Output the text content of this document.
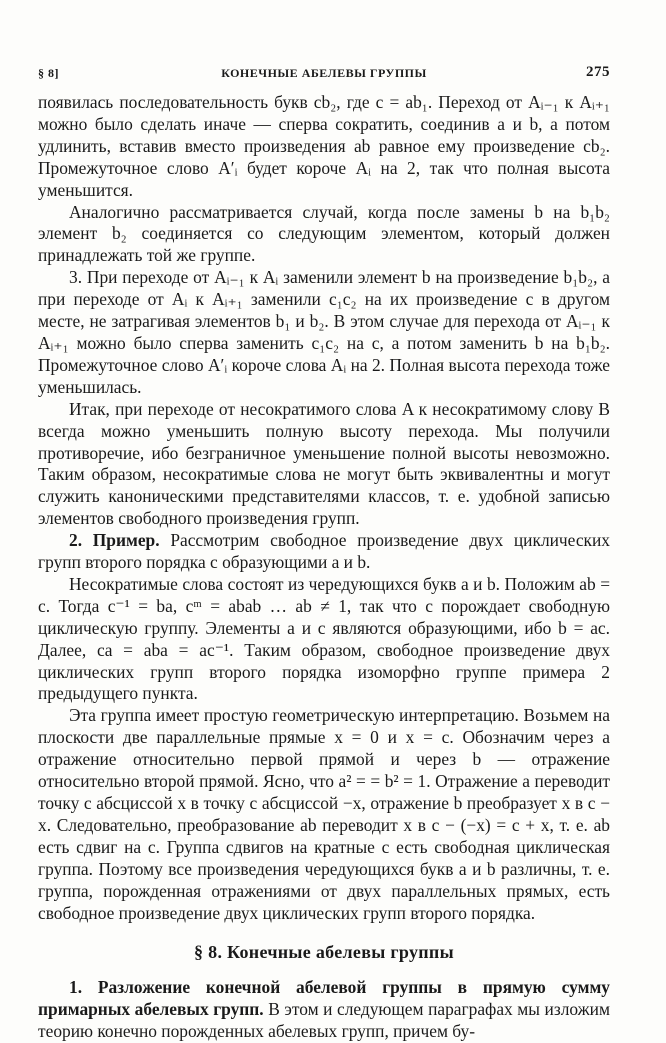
§ 8]	КОНЕЧНЫЕ АБЕЛЕВЫ ГРУППЫ	275

появилась последовательность букв cb₂, где c = ab₁. Переход от Aᵢ₋₁ к Aᵢ₊₁ можно было сделать иначе — сперва сократить, соединив a и b, а потом удлинить, вставив вместо произведения ab равное ему произведение cb₂. Промежуточное слово A′ᵢ будет короче Aᵢ на 2, так что полная высота уменьшится.

Аналогично рассматривается случай, когда после замены b на b₁b₂ элемент b₂ соединяется со следующим элементом, который должен принадлежать той же группе.

3. При переходе от Aᵢ₋₁ к Aᵢ заменили элемент b на произведение b₁b₂, а при переходе от Aᵢ к Aᵢ₊₁ заменили c₁c₂ на их произведение c в другом месте, не затрагивая элементов b₁ и b₂. В этом случае для перехода от Aᵢ₋₁ к Aᵢ₊₁ можно было сперва заменить c₁c₂ на c, а потом заменить b на b₁b₂. Промежуточное слово A′ᵢ короче слова Aᵢ на 2. Полная высота перехода тоже уменьшилась.

Итак, при переходе от несократимого слова A к несократимому слову B всегда можно уменьшить полную высоту перехода. Мы получили противоречие, ибо безграничное уменьшение полной высоты невозможно. Таким образом, несократимые слова не могут быть эквивалентны и могут служить каноническими представителями классов, т. е. удобной записью элементов свободного произведения групп.

2. Пример. Рассмотрим свободное произведение двух циклических групп второго порядка с образующими a и b.

Несократимые слова состоят из чередующихся букв a и b. Положим ab = c. Тогда c⁻¹ = ba, cᵐ = abab … ab ≠ 1, так что c порождает свободную циклическую группу. Элементы a и c являются образующими, ибо b = ac. Далее, ca = aba = ac⁻¹. Таким образом, свободное произведение двух циклических групп второго порядка изоморфно группе примера 2 предыдущего пункта.

Эта группа имеет простую геометрическую интерпретацию. Возьмем на плоскости две параллельные прямые x = 0 и x = c. Обозначим через a отражение относительно первой прямой и через b — отражение относительно второй прямой. Ясно, что a² = = b² = 1. Отражение a переводит точку с абсциссой x в точку с абсциссой −x, отражение b преобразует x в c − x. Следовательно, преобразование ab переводит x в c − (−x) = c + x, т. е. ab есть сдвиг на c. Группа сдвигов на кратные c есть свободная циклическая группа. Поэтому все произведения чередующихся букв a и b различны, т. е. группа, порожденная отражениями от двух параллельных прямых, есть свободное произведение двух циклических групп второго порядка.

§ 8. Конечные абелевы группы

1. Разложение конечной абелевой группы в прямую сумму примарных абелевых групп. В этом и следующем параграфах мы изложим теорию конечно порожденных абелевых групп, причем бу-
